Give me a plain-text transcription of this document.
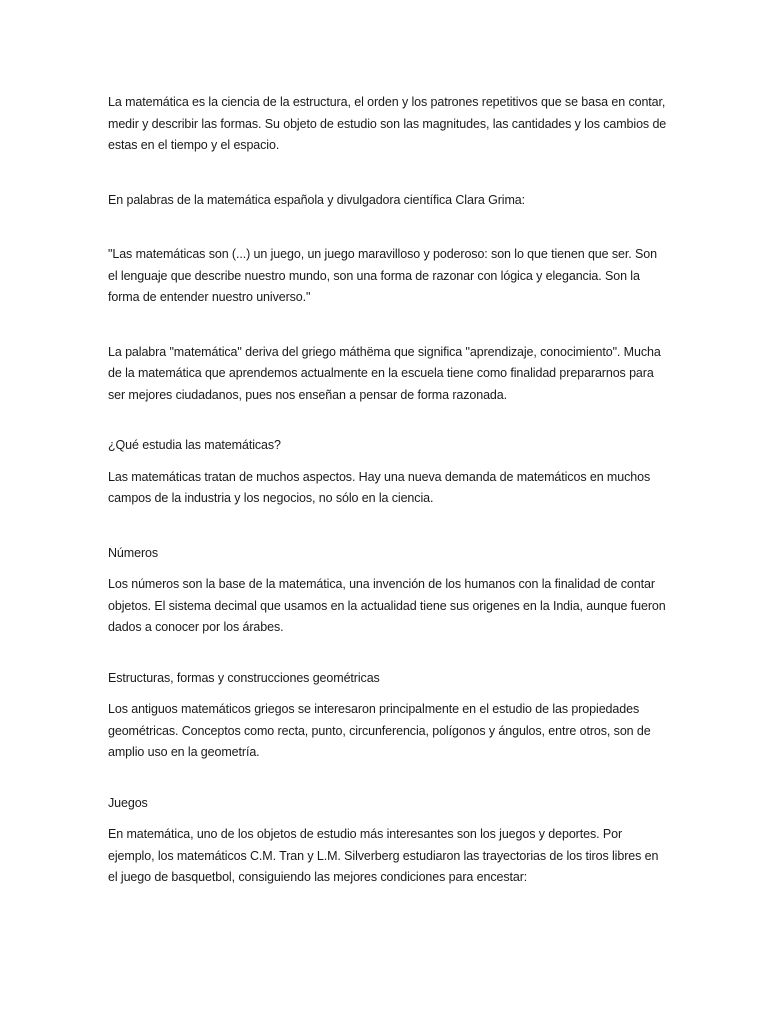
La matemática es la ciencia de la estructura, el orden y los patrones repetitivos que se basa en contar, medir y describir las formas. Su objeto de estudio son las magnitudes, las cantidades y los cambios de estas en el tiempo y el espacio.

En palabras de la matemática española y divulgadora científica Clara Grima:

"Las matemáticas son (...) un juego, un juego maravilloso y poderoso: son lo que tienen que ser. Son el lenguaje que describe nuestro mundo, son una forma de razonar con lógica y elegancia. Son la forma de entender nuestro universo."

La palabra "matemática" deriva del griego máthëma que significa "aprendizaje, conocimiento". Mucha de la matemática que aprendemos actualmente en la escuela tiene como finalidad prepararnos para ser mejores ciudadanos, pues nos enseñan a pensar de forma razonada.

¿Qué estudia las matemáticas?

Las matemáticas tratan de muchos aspectos. Hay una nueva demanda de matemáticos en muchos campos de la industria y los negocios, no sólo en la ciencia.

Números

Los números son la base de la matemática, una invención de los humanos con la finalidad de contar objetos. El sistema decimal que usamos en la actualidad tiene sus origenes en la India, aunque fueron dados a conocer por los árabes.

Estructuras, formas y construcciones geométricas

Los antiguos matemáticos griegos se interesaron principalmente en el estudio de las propiedades geométricas. Conceptos como recta, punto, circunferencia, polígonos y ángulos, entre otros, son de amplio uso en la geometría.

Juegos

En matemática, uno de los objetos de estudio más interesantes son los juegos y deportes. Por ejemplo, los matemáticos C.M. Tran y L.M. Silverberg estudiaron las trayectorias de los tiros libres en el juego de basquetbol, consiguiendo las mejores condiciones para encestar:
